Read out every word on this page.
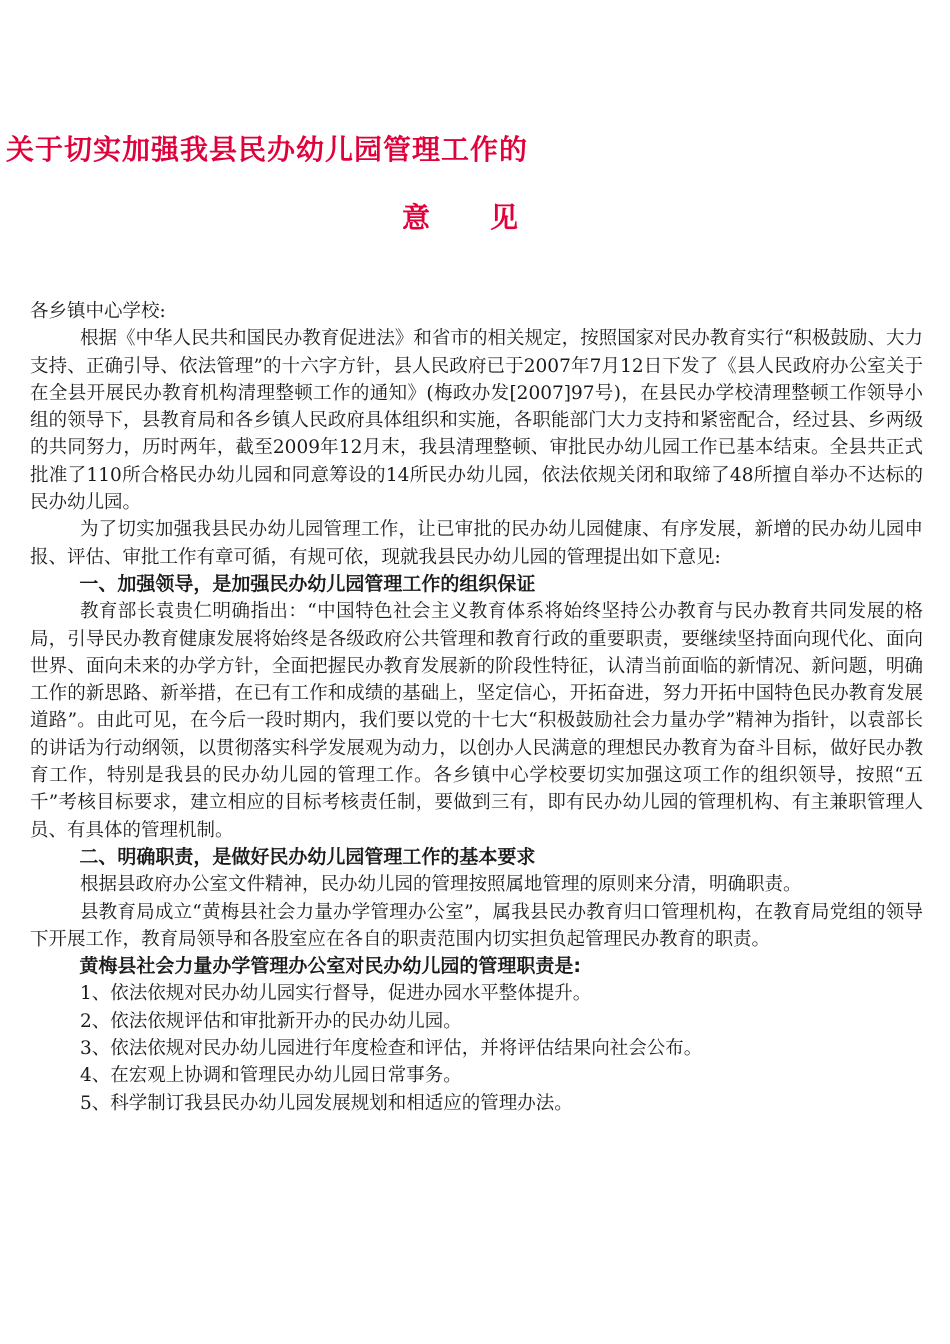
关于切实加强我县民办幼儿园管理工作的
意见

各乡镇中心学校:

根据《中华人民共和国民办教育促进法》和省市的相关规定，按照国家对民办教育实行“积极鼓励、大力支持、正确引导、依法管理”的十六字方针，县人民政府已于2007年7月12日下发了《县人民政府办公室关于在全县开展民办教育机构清理整顿工作的通知》(梅政办发[2007]97号)，在县民办学校清理整顿工作领导小组的领导下，县教育局和各乡镇人民政府具体组织和实施，各职能部门大力支持和紧密配合，经过县、乡两级的共同努力，历时两年，截至2009年12月末，我县清理整顿、审批民办幼儿园工作已基本结束。全县共正式批准了110所合格民办幼儿园和同意筹设的14所民办幼儿园，依法依规关闭和取缔了48所擅自举办不达标的民办幼儿园。

为了切实加强我县民办幼儿园管理工作，让已审批的民办幼儿园健康、有序发展，新增的民办幼儿园申报、评估、审批工作有章可循，有规可依，现就我县民办幼儿园的管理提出如下意见:

一、加强领导，是加强民办幼儿园管理工作的组织保证

教育部长袁贵仁明确指出：“中国特色社会主义教育体系将始终坚持公办教育与民办教育共同发展的格局，引导民办教育健康发展将始终是各级政府公共管理和教育行政的重要职责，要继续坚持面向现代化、面向世界、面向未来的办学方针，全面把握民办教育发展新的阶段性特征，认清当前面临的新情况、新问题，明确工作的新思路、新举措，在已有工作和成绩的基础上，坚定信心，开拓奋进，努力开拓中国特色民办教育发展道路”。由此可见，在今后一段时期内，我们要以党的十七大“积极鼓励社会力量办学”精神为指针，以袁部长的讲话为行动纲领，以贯彻落实科学发展观为动力，以创办人民满意的理想民办教育为奋斗目标，做好民办教育工作，特别是我县的民办幼儿园的管理工作。各乡镇中心学校要切实加强这项工作的组织领导，按照“五千”考核目标要求，建立相应的目标考核责任制，要做到三有，即有民办幼儿园的管理机构、有主兼职管理人员、有具体的管理机制。

二、明确职责，是做好民办幼儿园管理工作的基本要求

根据县政府办公室文件精神，民办幼儿园的管理按照属地管理的原则来分清，明确职责。

县教育局成立“黄梅县社会力量办学管理办公室”，属我县民办教育归口管理机构，在教育局党组的领导下开展工作，教育局领导和各股室应在各自的职责范围内切实担负起管理民办教育的职责。

黄梅县社会力量办学管理办公室对民办幼儿园的管理职责是:

1、依法依规对民办幼儿园实行督导，促进办园水平整体提升。

2、依法依规评估和审批新开办的民办幼儿园。

3、依法依规对民办幼儿园进行年度检查和评估，并将评估结果向社会公布。

4、在宏观上协调和管理民办幼儿园日常事务。

5、科学制订我县民办幼儿园发展规划和相适应的管理办法。
